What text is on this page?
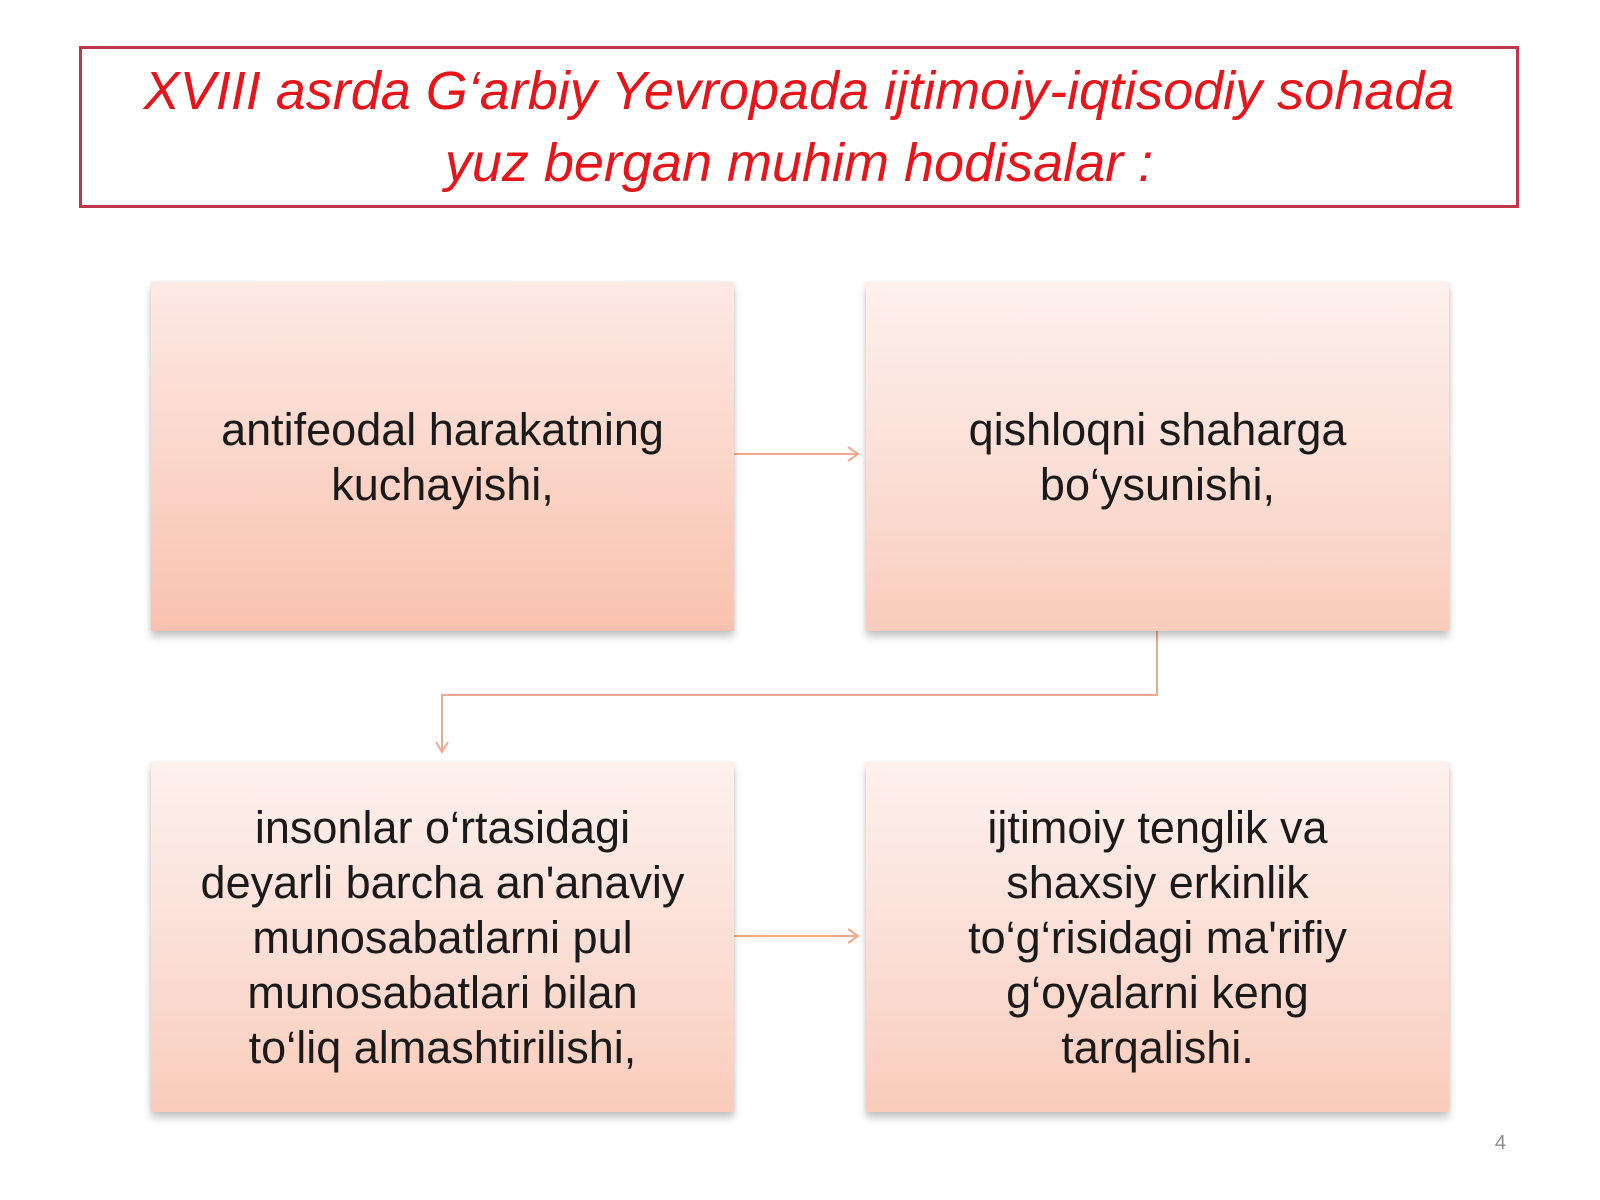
XVIII asrda G‘arbiy Yevropada ijtimoiy-iqtisodiy sohada yuz bergan muhim hodisalar :

antifeodal harakatning
kuchayishi,
qishloqni shaharga
bo‘ysunishi,
insonlar o‘rtasidagi
deyarli barcha an'anaviy
munosabatlarni pul
munosabatlari bilan
to‘liq almashtirilishi,
ijtimoiy tenglik va
shaxsiy erkinlik
to‘g‘risidagi ma'rifiy
g‘oyalarni keng
tarqalishi.
4
